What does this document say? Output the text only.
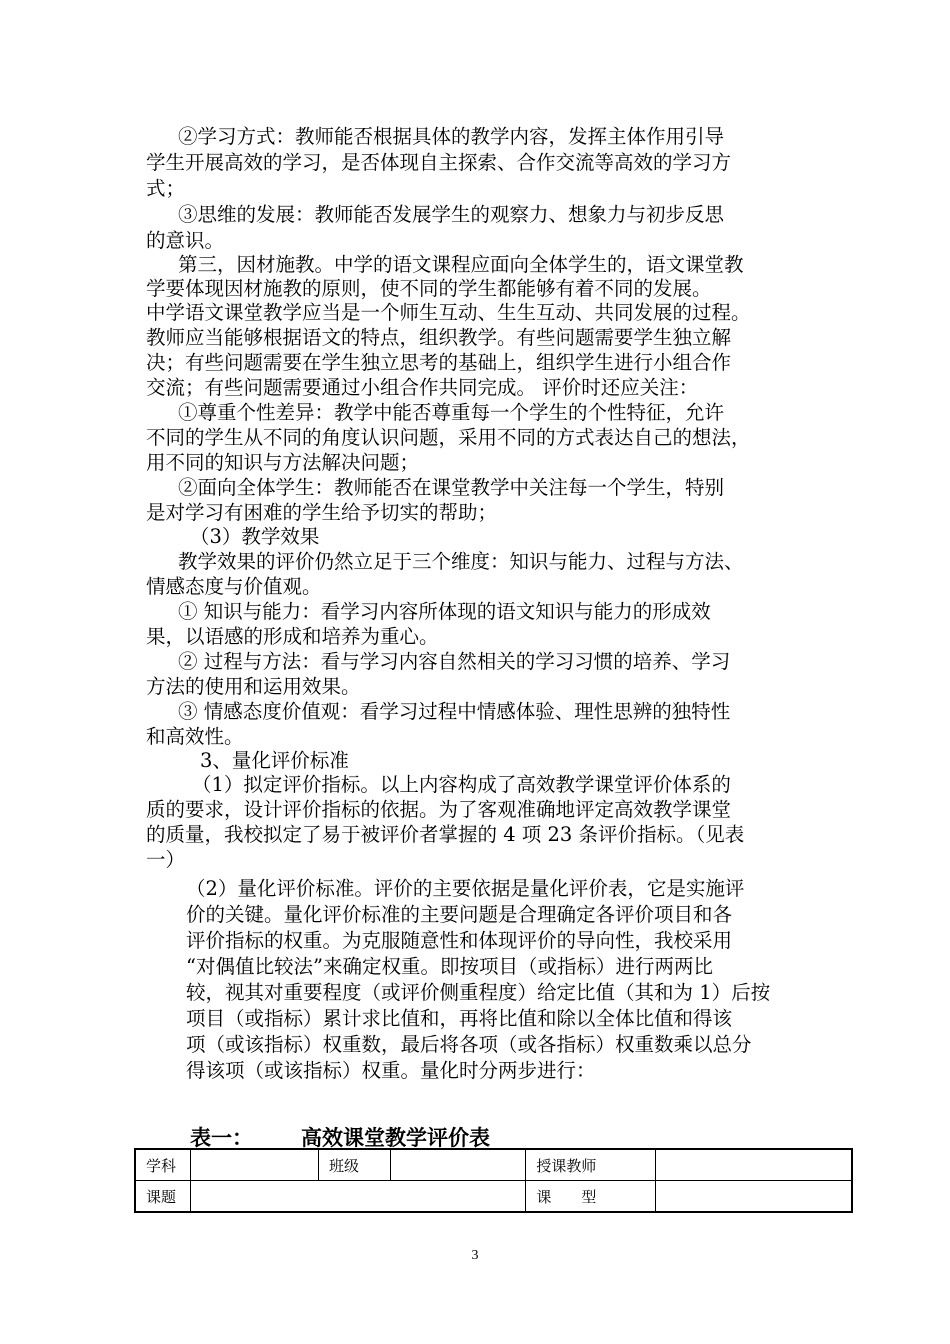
②学习方式：教师能否根据具体的教学内容，发挥主体作用引导
学生开展高效的学习，是否体现自主探索、合作交流等高效的学习方
式；
③思维的发展：教师能否发展学生的观察力、想象力与初步反思
的意识。
第三，因材施教。中学的语文课程应面向全体学生的，语文课堂教
学要体现因材施教的原则，使不同的学生都能够有着不同的发展。
中学语文课堂教学应当是一个师生互动、生生互动、共同发展的过程。
教师应当能够根据语文的特点，组织教学。有些问题需要学生独立解
决；有些问题需要在学生独立思考的基础上，组织学生进行小组合作
交流；有些问题需要通过小组合作共同完成。 评价时还应关注：
①尊重个性差异：教学中能否尊重每一个学生的个性特征，允许
不同的学生从不同的角度认识问题，采用不同的方式表达自己的想法，
用不同的知识与方法解决问题；
②面向全体学生：教师能否在课堂教学中关注每一个学生，特别
是对学习有困难的学生给予切实的帮助；
（3）教学效果
教学效果的评价仍然立足于三个维度：知识与能力、过程与方法、
情感态度与价值观。
① 知识与能力：看学习内容所体现的语文知识与能力的形成效
果，以语感的形成和培养为重心。
② 过程与方法：看与学习内容自然相关的学习习惯的培养、学习
方法的使用和运用效果。
③ 情感态度价值观：看学习过程中情感体验、理性思辨的独特性
和高效性。
3、量化评价标准
（1）拟定评价指标。以上内容构成了高效教学课堂评价体系的
质的要求，设计评价指标的依据。为了客观准确地评定高效教学课堂
的质量，我校拟定了易于被评价者掌握的 4 项 23 条评价指标。（见表
一）
（2）量化评价标准。评价的主要依据是量化评价表，它是实施评
价的关键。量化评价标准的主要问题是合理确定各评价项目和各
评价指标的权重。为克服随意性和体现评价的导向性，我校采用
“对偶值比较法”来确定权重。即按项目（或指标）进行两两比
较，视其对重要程度（或评价侧重程度）给定比值（其和为 1）后按
项目（或指标）累计求比值和，再将比值和除以全体比值和得该
项（或该指标）权重数，最后将各项（或各指标）权重数乘以总分
得该项（或该指标）权重。量化时分两步进行：
表一： 高效课堂教学评价表
学科		班级		授课教师	
课题				课　　型	
3
